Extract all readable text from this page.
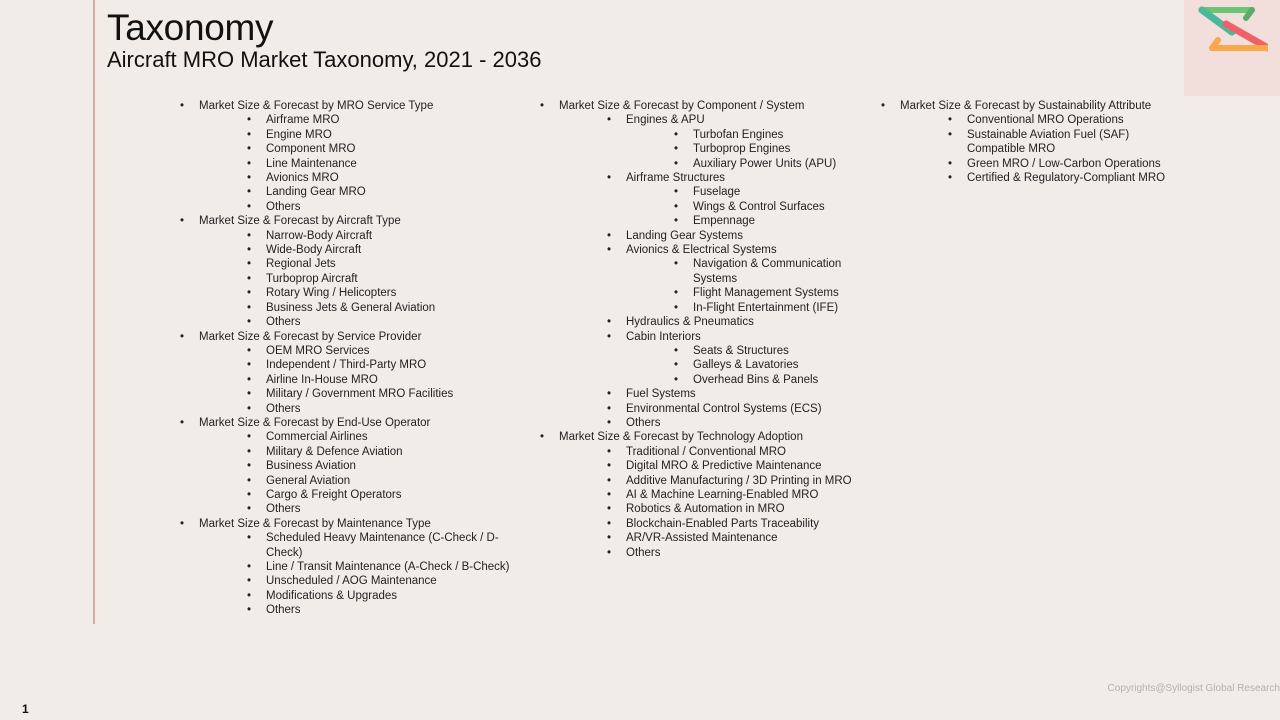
Taxonomy
Aircraft MRO Market Taxonomy, 2021 - 2036
• Market Size & Forecast by MRO Service Type
• Airframe MRO
• Engine MRO
• Component MRO
• Line Maintenance
• Avionics MRO
• Landing Gear MRO
• Others
• Market Size & Forecast by Aircraft Type
• Narrow-Body Aircraft
• Wide-Body Aircraft
• Regional Jets
• Turboprop Aircraft
• Rotary Wing / Helicopters
• Business Jets & General Aviation
• Others
• Market Size & Forecast by Service Provider
• OEM MRO Services
• Independent / Third-Party MRO
• Airline In-House MRO
• Military / Government MRO Facilities
• Others
• Market Size & Forecast by End-Use Operator
• Commercial Airlines
• Military & Defence Aviation
• Business Aviation
• General Aviation
• Cargo & Freight Operators
• Others
• Market Size & Forecast by Maintenance Type
• Scheduled Heavy Maintenance (C-Check / D-Check)
• Line / Transit Maintenance (A-Check / B-Check)
• Unscheduled / AOG Maintenance
• Modifications & Upgrades
• Others
• Market Size & Forecast by Component / System
• Engines & APU
• Turbofan Engines
• Turboprop Engines
• Auxiliary Power Units (APU)
• Airframe Structures
• Fuselage
• Wings & Control Surfaces
• Empennage
• Landing Gear Systems
• Avionics & Electrical Systems
• Navigation & Communication Systems
• Flight Management Systems
• In-Flight Entertainment (IFE)
• Hydraulics & Pneumatics
• Cabin Interiors
• Seats & Structures
• Galleys & Lavatories
• Overhead Bins & Panels
• Fuel Systems
• Environmental Control Systems (ECS)
• Others
• Market Size & Forecast by Technology Adoption
• Traditional / Conventional MRO
• Digital MRO & Predictive Maintenance
• Additive Manufacturing / 3D Printing in MRO
• AI & Machine Learning-Enabled MRO
• Robotics & Automation in MRO
• Blockchain-Enabled Parts Traceability
• AR/VR-Assisted Maintenance
• Others
• Market Size & Forecast by Sustainability Attribute
• Conventional MRO Operations
• Sustainable Aviation Fuel (SAF) Compatible MRO
• Green MRO / Low-Carbon Operations
• Certified & Regulatory-Compliant MRO
Copyrights@Syllogist Global Research
1
